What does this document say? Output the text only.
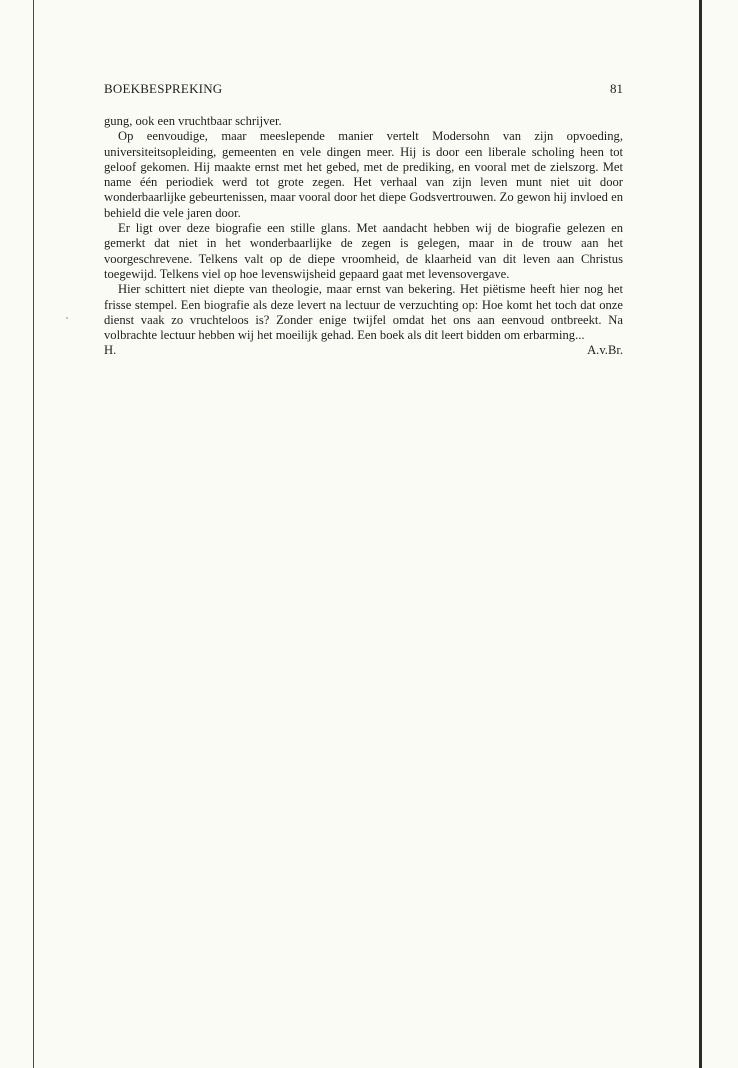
BOEKBESPREKING	81

gung, ook een vruchtbaar schrijver.

Op eenvoudige, maar meeslepende manier vertelt Modersohn van zijn opvoeding, universiteitsopleiding, gemeenten en vele dingen meer. Hij is door een liberale scholing heen tot geloof gekomen. Hij maakte ernst met het gebed, met de prediking, en vooral met de zielszorg. Met name één periodiek werd tot grote zegen. Het verhaal van zijn leven munt niet uit door wonderbaarlijke gebeurtenissen, maar vooral door het diepe Godsvertrouwen. Zo gewon hij invloed en behield die vele jaren door.

Er ligt over deze biografie een stille glans. Met aandacht hebben wij de biografie gelezen en gemerkt dat niet in het wonderbaarlijke de zegen is gelegen, maar in de trouw aan het voorgeschrevene. Telkens valt op de diepe vroomheid, de klaarheid van dit leven aan Christus toegewijd. Telkens viel op hoe levenswijsheid gepaard gaat met levensovergave.

Hier schittert niet diepte van theologie, maar ernst van bekering. Het piëtisme heeft hier nog het frisse stempel. Een biografie als deze levert na lectuur de verzuchting op: Hoe komt het toch dat onze dienst vaak zo vruchteloos is? Zonder enige twijfel omdat het ons aan eenvoud ontbreekt. Na volbrachte lectuur hebben wij het moeilijk gehad. Een boek als dit leert bidden om erbarming...

H.	A.v.Br.
